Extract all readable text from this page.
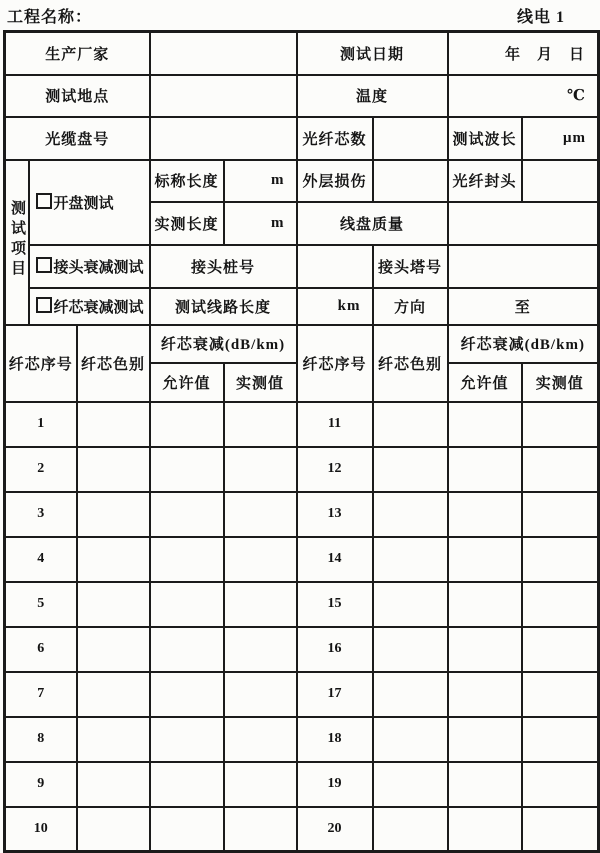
工程名称：	线电 1
生产厂家					测试日期		年　月　日	
测试地点					温度		℃	
光缆盘号					光纤芯数		测试波长	μm
测试项目	开盘测试		标称长度	m	外层损伤		光纤封头	
			实测长度	m	线盘质量			
	接头衰减测试		接头桩号			接头塔号		
	纤芯衰减测试		测试线路长度		km	方向	至	
纤芯序号		纤芯色别	纤芯衰减(dB/km)		纤芯序号	纤芯色别	纤芯衰减(dB/km)	
			允许值	实测值			允许值	实测值
1					11			
2					12			
3					13			
4					14			
5					15			
6					16			
7					17			
8					18			
9					19			
10					20			
